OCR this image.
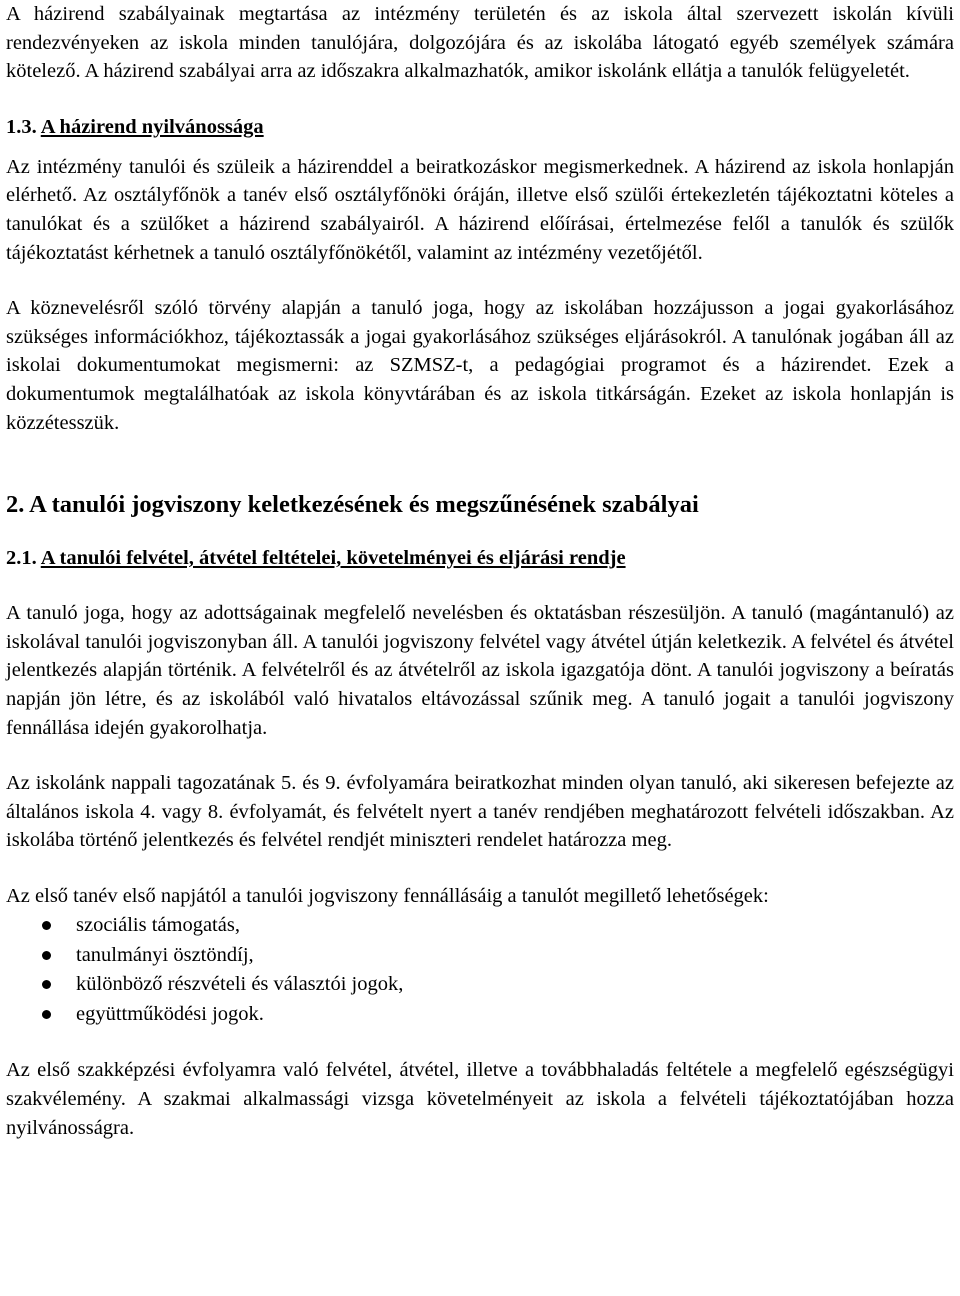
A házirend szabályainak megtartása az intézmény területén és az iskola által szervezett iskolán kívüli rendezvényeken az iskola minden tanulójára, dolgozójára és az iskolába látogató egyéb személyek számára kötelező. A házirend szabályai arra az időszakra alkalmazhatók, amikor iskolánk ellátja a tanulók felügyeletét.

1.3. A házirend nyilvánossága

Az intézmény tanulói és szüleik a házirenddel a beiratkozáskor megismerkednek. A házirend az iskola honlapján elérhető. Az osztályfőnök a tanév első osztályfőnöki óráján, illetve első szülői értekezletén tájékoztatni köteles a tanulókat és a szülőket a házirend szabályairól. A házirend előírásai, értelmezése felől a tanulók és szülők tájékoztatást kérhetnek a tanuló osztályfőnökétől, valamint az intézmény vezetőjétől.

A köznevelésről szóló törvény alapján a tanuló joga, hogy az iskolában hozzájusson a jogai gyakorlásához szükséges információkhoz, tájékoztassák a jogai gyakorlásához szükséges eljárásokról. A tanulónak jogában áll az iskolai dokumentumokat megismerni: az SZMSZ-t, a pedagógiai programot és a házirendet. Ezek a dokumentumok megtalálhatóak az iskola könyvtárában és az iskola titkárságán. Ezeket az iskola honlapján is közzétesszük.

2. A tanulói jogviszony keletkezésének és megszűnésének szabályai
2.1. A tanulói felvétel, átvétel feltételei, követelményei és eljárási rendje

A tanuló joga, hogy az adottságainak megfelelő nevelésben és oktatásban részesüljön. A tanuló (magántanuló) az iskolával tanulói jogviszonyban áll. A tanulói jogviszony felvétel vagy átvétel útján keletkezik. A felvétel és átvétel jelentkezés alapján történik. A felvételről és az átvételről az iskola igazgatója dönt. A tanulói jogviszony a beíratás napján jön létre, és az iskolából való hivatalos eltávozással szűnik meg. A tanuló jogait a tanulói jogviszony fennállása idején gyakorolhatja.

Az iskolánk nappali tagozatának 5. és 9. évfolyamára beiratkozhat minden olyan tanuló, aki sikeresen befejezte az általános iskola 4. vagy 8. évfolyamát, és felvételt nyert a tanév rendjében meghatározott felvételi időszakban. Az iskolába történő jelentkezés és felvétel rendjét miniszteri rendelet határozza meg.

Az első tanév első napjától a tanulói jogviszony fennállásáig a tanulót megillető lehetőségek:

szociális támogatás,
tanulmányi ösztöndíj,
különböző részvételi és választói jogok,
együttműködési jogok.

Az első szakképzési évfolyamra való felvétel, átvétel, illetve a továbbhaladás feltétele a megfelelő egészségügyi szakvélemény. A szakmai alkalmassági vizsga követelményeit az iskola a felvételi tájékoztatójában hozza nyilvánosságra.
